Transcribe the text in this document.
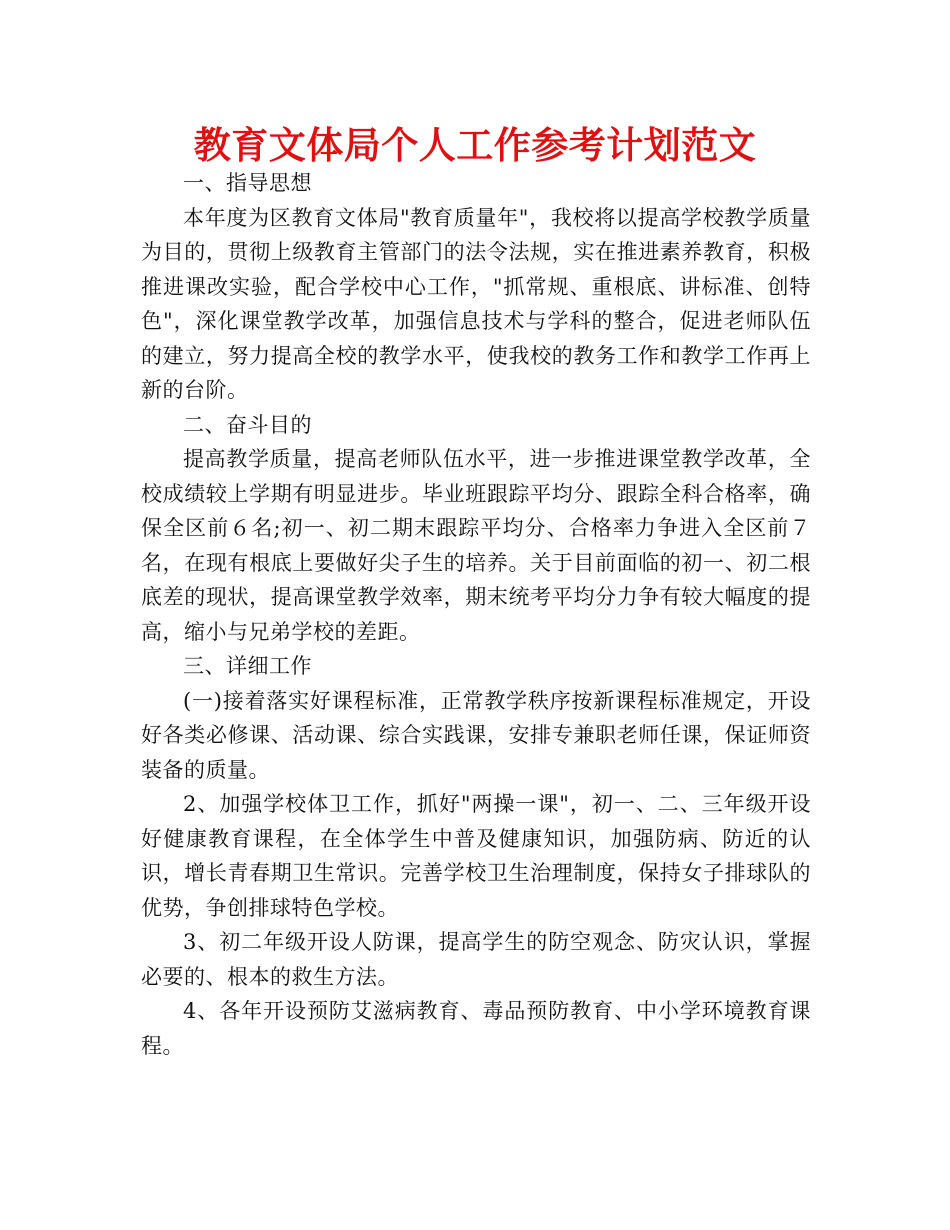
教育文体局个人工作参考计划范文

一、指导思想

本年度为区教育文体局"教育质量年"，我校将以提高学校教学质量为目的，贯彻上级教育主管部门的法令法规，实在推进素养教育，积极推进课改实验，配合学校中心工作，"抓常规、重根底、讲标准、创特色"，深化课堂教学改革，加强信息技术与学科的整合，促进老师队伍的建立，努力提高全校的教学水平，使我校的教务工作和教学工作再上新的台阶。

二、奋斗目的

提高教学质量，提高老师队伍水平，进一步推进课堂教学改革，全校成绩较上学期有明显进步。毕业班跟踪平均分、跟踪全科合格率，确保全区前６名;初一、初二期末跟踪平均分、合格率力争进入全区前７名，在现有根底上要做好尖子生的培养。关于目前面临的初一、初二根底差的现状，提高课堂教学效率，期末统考平均分力争有较大幅度的提高，缩小与兄弟学校的差距。

三、详细工作

(一)接着落实好课程标准，正常教学秩序按新课程标准规定，开设好各类必修课、活动课、综合实践课，安排专兼职老师任课，保证师资装备的质量。

2、加强学校体卫工作，抓好"两操一课"，初一、二、三年级开设好健康教育课程，在全体学生中普及健康知识，加强防病、防近的认识，增长青春期卫生常识。完善学校卫生治理制度，保持女子排球队的优势，争创排球特色学校。

3、初二年级开设人防课，提高学生的防空观念、防灾认识，掌握必要的、根本的救生方法。

4、各年开设预防艾滋病教育、毒品预防教育、中小学环境教育课程。
